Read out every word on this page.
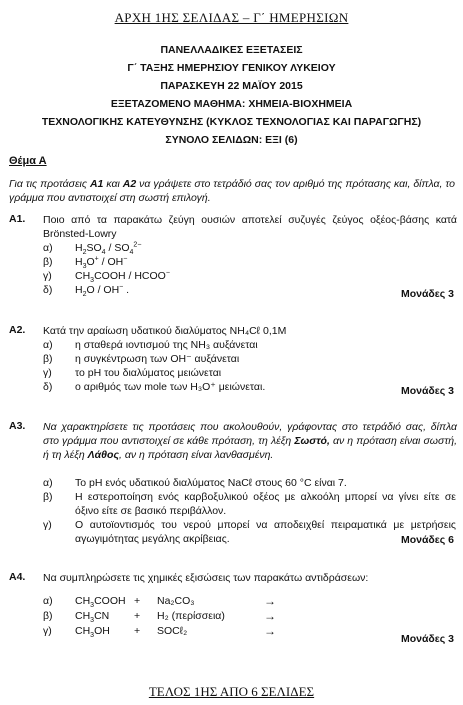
ΑΡΧΗ 1ΗΣ ΣΕΛΙΔΑΣ – Γ΄ ΗΜΕΡΗΣΙΩΝ
ΠΑΝΕΛΛΑΔΙΚΕΣ ΕΞΕΤΑΣΕΙΣ
Γ΄ ΤΑΞΗΣ ΗΜΕΡΗΣΙΟΥ ΓΕΝΙΚΟΥ ΛΥΚΕΙΟΥ
ΠΑΡΑΣΚΕΥΗ 22 ΜΑΪΟΥ 2015
ΕΞΕΤΑΖΟΜΕΝΟ ΜΑΘΗΜΑ: ΧΗΜΕΙΑ-ΒΙΟΧΗΜΕΙΑ
ΤΕΧΝΟΛΟΓΙΚΗΣ ΚΑΤΕΥΘΥΝΣΗΣ (ΚΥΚΛΟΣ ΤΕΧΝΟΛΟΓΙΑΣ ΚΑΙ ΠΑΡΑΓΩΓΗΣ)
ΣΥΝΟΛΟ ΣΕΛΙΔΩΝ: ΕΞΙ (6)
Θέμα Α
Για τις προτάσεις Α1 και Α2 να γράψετε στο τετράδιό σας τον αριθμό της πρότασης και, δίπλα, το γράμμα που αντιστοιχεί στη σωστή επιλογή.
Α1. Ποιο από τα παρακάτω ζεύγη ουσιών αποτελεί συζυγές ζεύγος οξέος-βάσης κατά Brönsted-Lowry
α) $H_2SO_4 / SO_4^{2-}$
β) $H_3O^+ / OH^-$
γ) $CH_3COOH$ / HCOO−
δ) $H_2O / OH^-$ .	Μονάδες 3
Α2. Κατά την αραίωση υδατικού διαλύματος NH₄Cℓ 0,1M
α) η σταθερά ιοντισμού της NH₃ αυξάνεται
β) η συγκέντρωση των OH⁻ αυξάνεται
γ) το pH του διαλύματος μειώνεται
δ) ο αριθμός των mole των H₃O⁺ μειώνεται.	Μονάδες 3
Α3. Να χαρακτηρίσετε τις προτάσεις που ακολουθούν, γράφοντας στο τετράδιό σας, δίπλα στο γράμμα που αντιστοιχεί σε κάθε πρόταση, τη λέξη Σωστό, αν η πρόταση είναι σωστή, ή τη λέξη Λάθος, αν η πρόταση είναι λανθασμένη.
α) Το pH ενός υδατικού διαλύματος NaCℓ στους 60 °C είναι 7.
β) Η εστεροποίηση ενός καρβοξυλικού οξέος με αλκοόλη μπορεί να γίνει είτε σε όξινο είτε σε βασικό περιβάλλον.
γ) Ο αυτοϊοντισμός του νερού μπορεί να αποδειχθεί πειραματικά με μετρήσεις αγωγιμότητας μεγάλης ακρίβειας.	Μονάδες 6
Α4. Να συμπληρώσετε τις χημικές εξισώσεις των παρακάτω αντιδράσεων:
α) $CH_3COOH + Na_2CO_3$	→
β) $CH_3CN + H_2$ (περίσσεια)	→
γ) $CH_3OH$ + SOCℓ₂	→
Μονάδες 3
ΤΕΛΟΣ 1ΗΣ ΑΠΟ 6 ΣΕΛΙΔΕΣ
